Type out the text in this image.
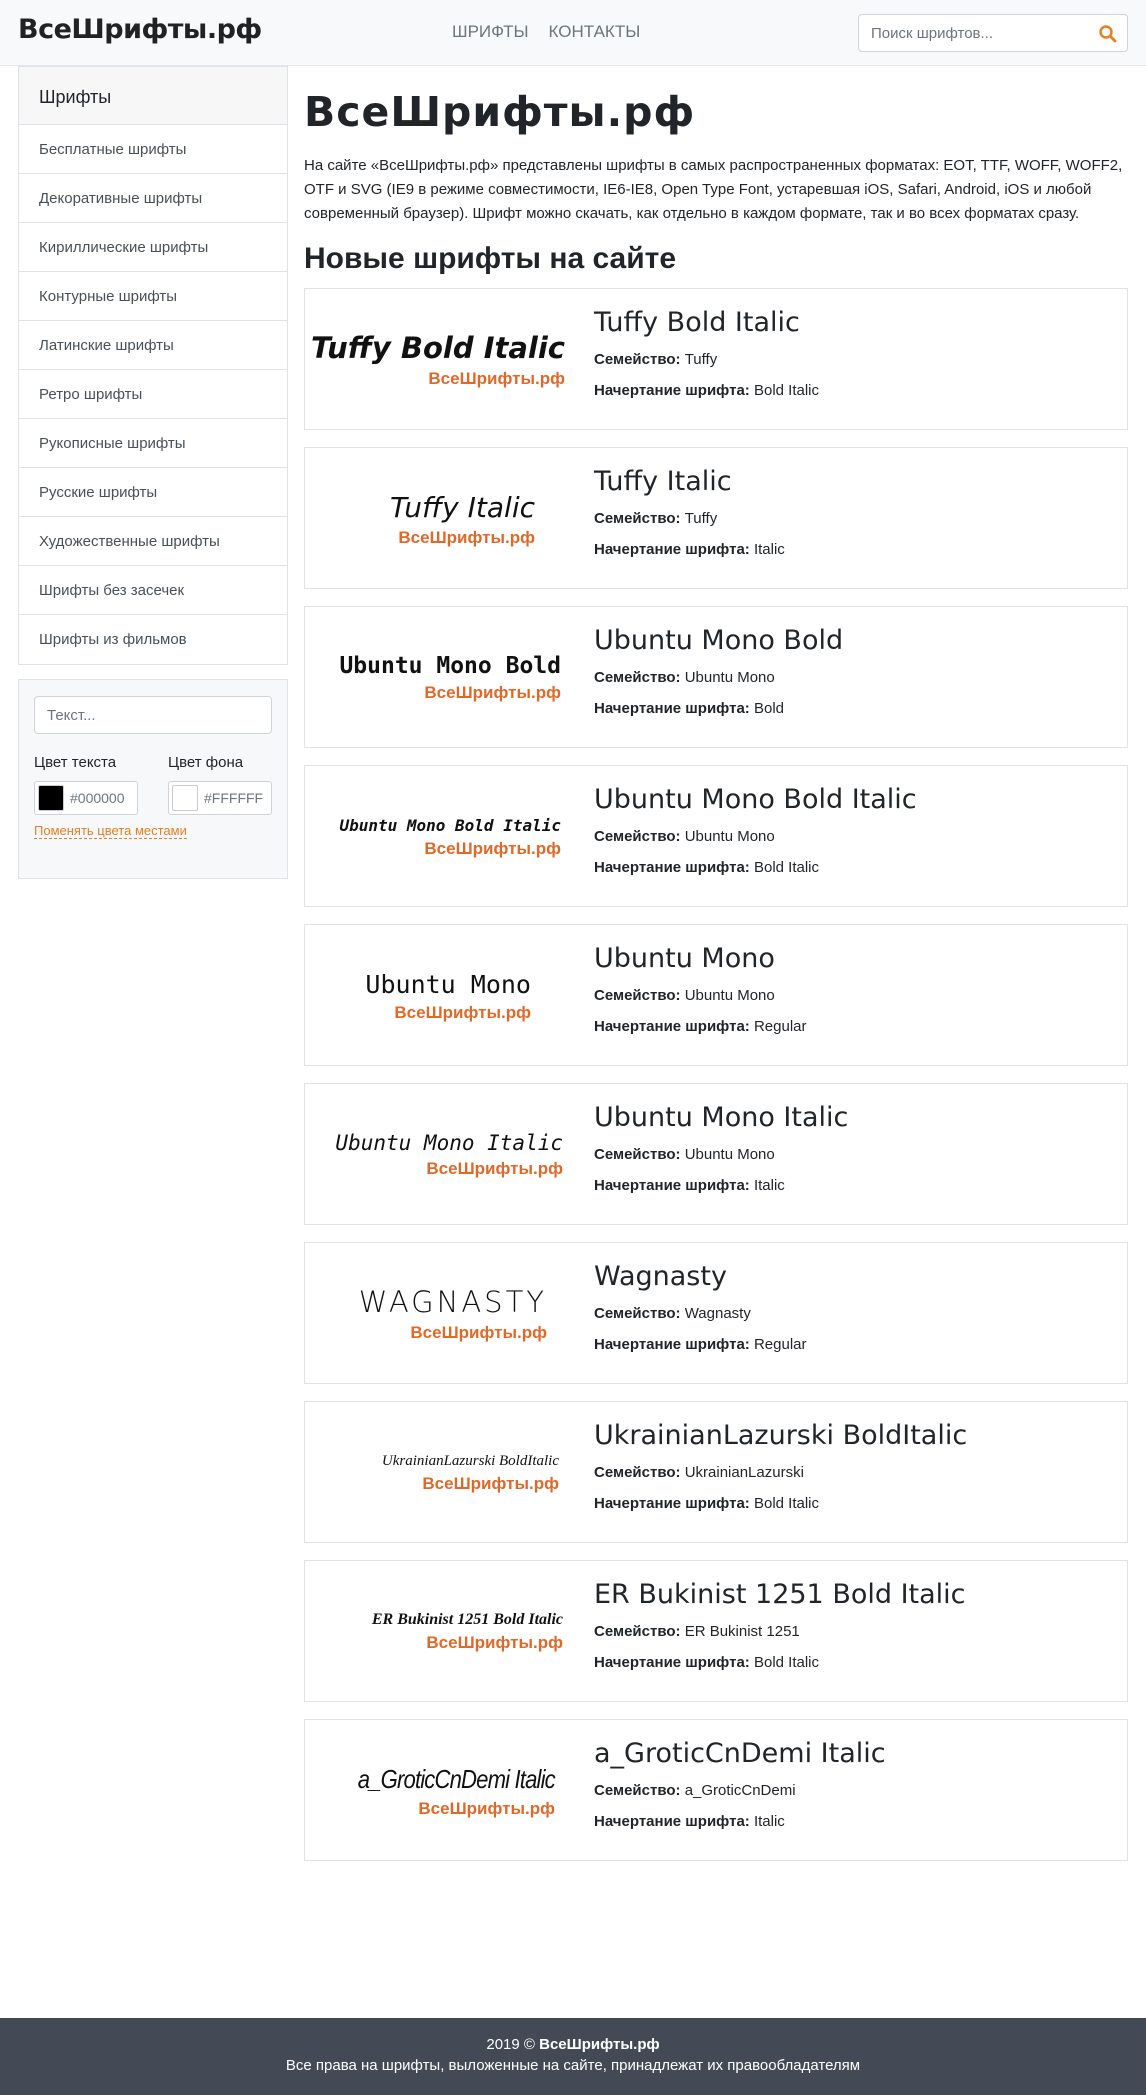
ВсеШрифты.рф	ШРИФТЫ КОНТАКТЫ
Поиск шрифтов...
Шрифты
Бесплатные шрифты
Декоративные шрифты
Кириллические шрифты
Контурные шрифты
Латинские шрифты
Ретро шрифты
Рукописные шрифты
Русские шрифты
Художественные шрифты
Шрифты без засечек
Шрифты из фильмов
Текст...
Цвет текста
#000000
Цвет фона
#FFFFFF
Поменять цвета местами
ВсеШрифты.рф

На сайте «ВсеШрифты.рф» представлены шрифты в самых распространенных форматах: EOT, TTF, WOFF, WOFF2, OTF и SVG (IE9 в режиме совместимости, IE6-IE8, Open Type Font, устаревшая iOS, Safari, Android, iOS и любой современный браузер). Шрифт можно скачать, как отдельно в каждом формате, так и во всех форматах сразу.

Новые шрифты на сайте
Tuffy Bold Italic
ВсеШрифты.рф
Tuffy Bold Italic
Семейство: Tuffy
Начертание шрифта: Bold Italic
Tuffy Italic
ВсеШрифты.рф
Tuffy Italic
Семейство: Tuffy
Начертание шрифта: Italic
Ubuntu Mono Bold
ВсеШрифты.рф
Ubuntu Mono Bold
Семейство: Ubuntu Mono
Начертание шрифта: Bold
Ubuntu Mono Bold Italic
ВсеШрифты.рф
Ubuntu Mono Bold Italic
Семейство: Ubuntu Mono
Начертание шрифта: Bold Italic
Ubuntu Mono
ВсеШрифты.рф
Ubuntu Mono
Семейство: Ubuntu Mono
Начертание шрифта: Regular
Ubuntu Mono Italic
ВсеШрифты.рф
Ubuntu Mono Italic
Семейство: Ubuntu Mono
Начертание шрифта: Italic
WAGNASTY
ВсеШрифты.рф
Wagnasty
Семейство: Wagnasty
Начертание шрифта: Regular
UkrainianLazurski BoldItalic
ВсеШрифты.рф
UkrainianLazurski BoldItalic
Семейство: UkrainianLazurski
Начертание шрифта: Bold Italic
ER Bukinist 1251 Bold Italic
ВсеШрифты.рф
ER Bukinist 1251 Bold Italic
Семейство: ER Bukinist 1251
Начертание шрифта: Bold Italic
a_GroticCnDemi Italic
ВсеШрифты.рф
a_GroticCnDemi Italic
Семейство: a_GroticCnDemi
Начертание шрифта: Italic
2019 © ВсеШрифты.рф
Все права на шрифты, выложенные на сайте, принадлежат их правообладателям
